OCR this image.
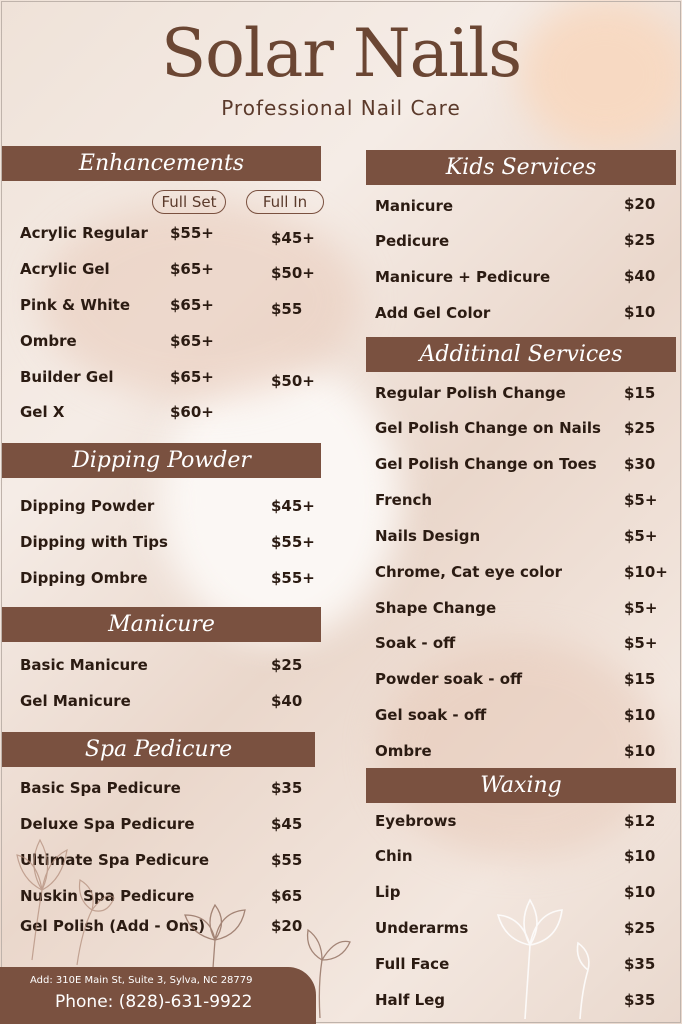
Solar Nails
Professional Nail Care
Enhancements
Full Set	Full In
Acrylic Regular $55+	$45+
Acrylic Gel	$65+	$50+
Pink & White	$65+	$55
Ombre	$65+
Builder Gel	$65+	$50+
Gel X	$60+
Dipping Powder
Dipping Powder	$45+
Dipping with Tips	$55+
Dipping Ombre	$55+
Manicure
Basic Manicure	$25
Gel Manicure	$40
Spa Pedicure
Basic Spa Pedicure	$35
Deluxe Spa Pedicure	$45
Ultimate Spa Pedicure	$55
Nuskin Spa Pedicure	$65
Gel Polish (Add - Ons)	$20
Kids Services
Manicure	$20
Pedicure	$25
Manicure + Pedicure	$40
Add Gel Color	$10
Additinal Services
Regular Polish Change	$15
Gel Polish Change on Nails $25
Gel Polish Change on Toes $30
French	$5+
Nails Design	$5+
Chrome, Cat eye color	$10+
Shape Change	$5+
Soak - off	$5+
Powder soak - off	$15
Gel soak - off	$10
Ombre	$10
Waxing
Eyebrows	$12
Chin	$10
Lip	$10
Underarms	$25
Full Face	$35
Half Leg	$35
Add: 310E Main St, Suite 3, Sylva, NC 28779
Phone: (828)-631-9922
